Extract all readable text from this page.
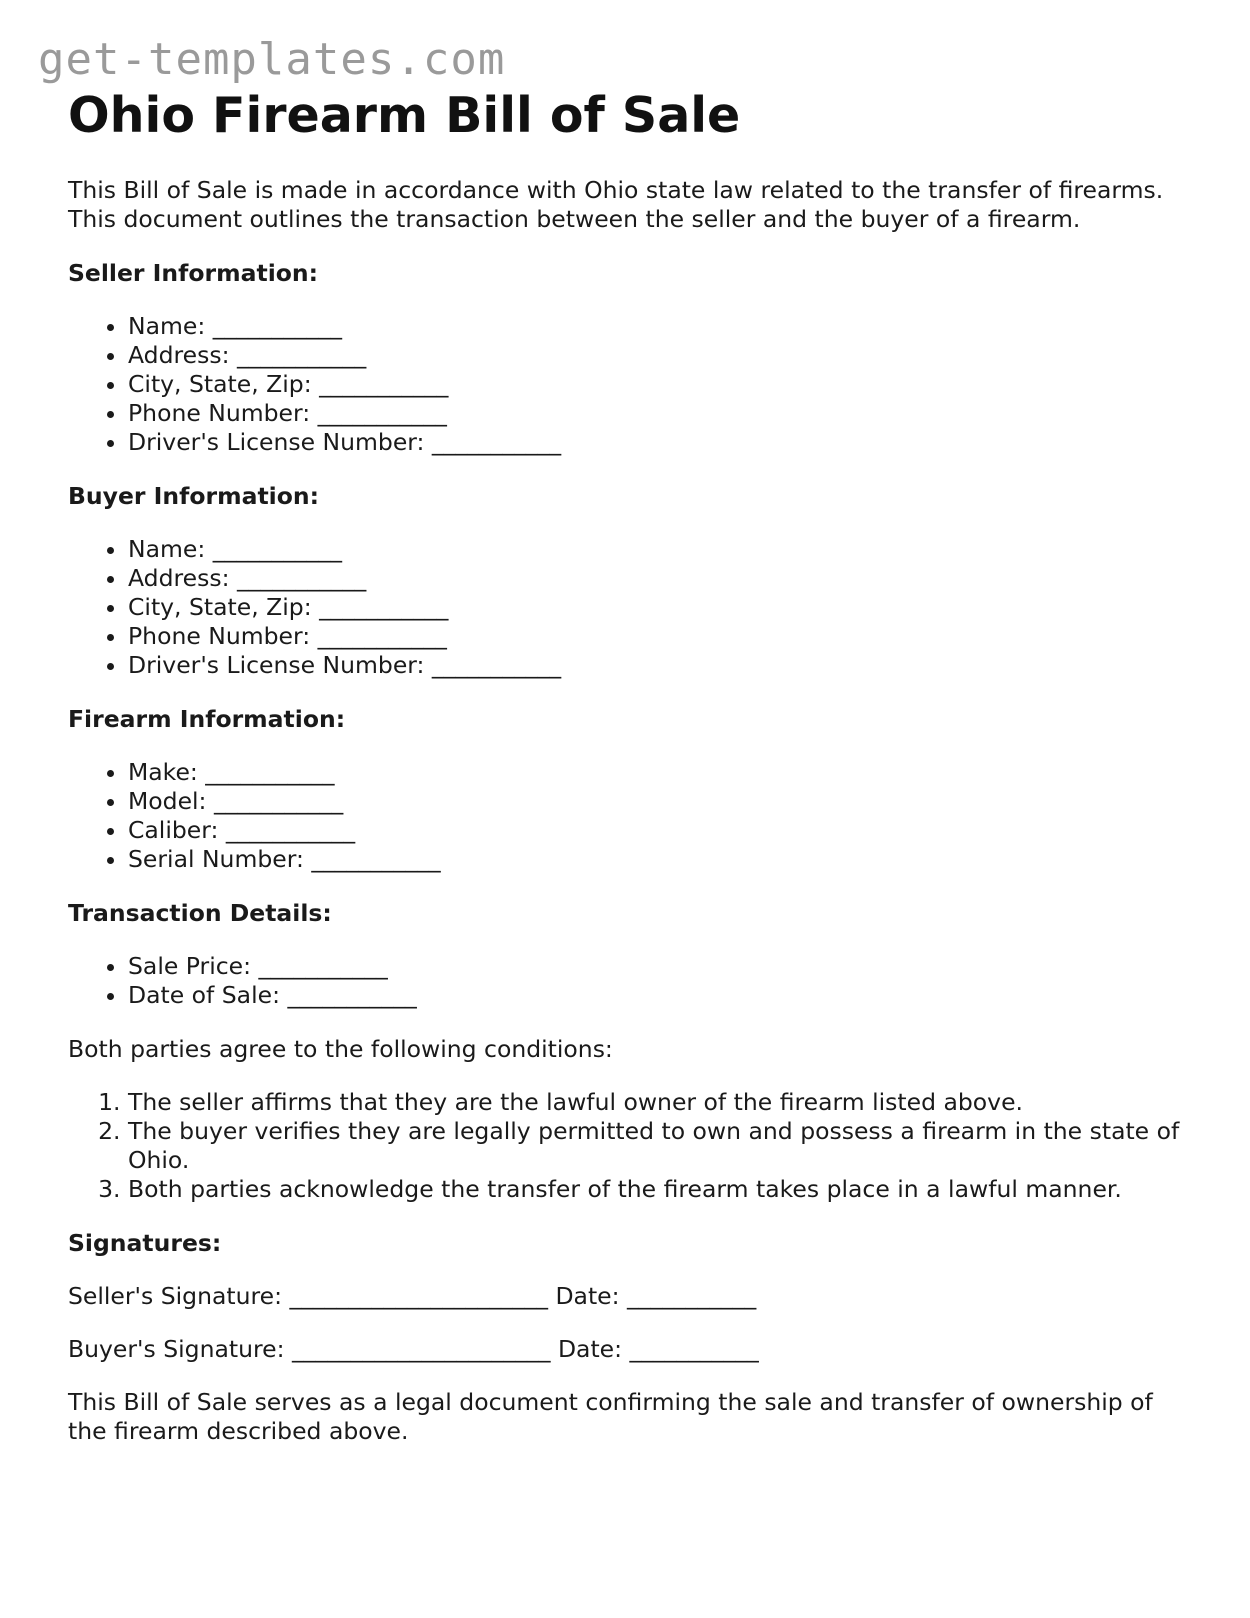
get-templates.com
Ohio Firearm Bill of Sale

This Bill of Sale is made in accordance with Ohio state law related to the transfer of firearms. This document outlines the transaction between the seller and the buyer of a firearm.

Seller Information:
• Name: ___________
• Address: ___________
• City, State, Zip: ___________
• Phone Number: ___________
• Driver's License Number: ___________
Buyer Information:
• Name: ___________
• Address: ___________
• City, State, Zip: ___________
• Phone Number: ___________
• Driver's License Number: ___________
Firearm Information:
• Make: ___________
• Model: ___________
• Caliber: ___________
• Serial Number: ___________
Transaction Details:
• Sale Price: ___________
• Date of Sale: ___________

Both parties agree to the following conditions:

1. The seller affirms that they are the lawful owner of the firearm listed above.
2. The buyer verifies they are legally permitted to own and possess a firearm in the state of Ohio.
3. Both parties acknowledge the transfer of the firearm takes place in a lawful manner.
Signatures:

Seller's Signature: ______________________ Date: ___________

Buyer's Signature: ______________________ Date: ___________

This Bill of Sale serves as a legal document confirming the sale and transfer of ownership of the firearm described above.
